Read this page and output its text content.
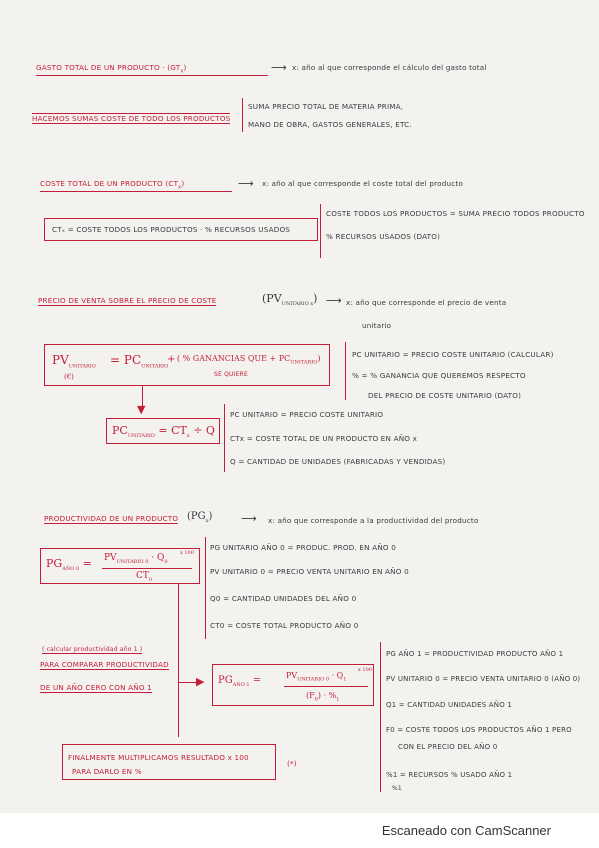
GASTO TOTAL DE UN PRODUCTO · $(GT_x)$	⟶ x: año al que corresponde el cálculo del gasto total
HACEMOS SUMAS COSTE DE TODO LOS PRODUCTOS
SUMA PRECIO TOTAL DE MATERIA PRIMA,
MANO DE OBRA, GASTOS GENERALES, ETC.
COSTE TOTAL DE UN PRODUCTO $(CT_x)$	⟶ x: año al que corresponde el coste total del producto
CTₓ = COSTE TODOS LOS PRODUCTOS · % RECURSOS USADOS
COSTE TODOS LOS PRODUCTOS = SUMA PRECIO TODOS PRODUCTO
% RECURSOS USADOS (DATO)
PRECIO DE VENTA SOBRE EL PRECIO DE COSTE	$(PV_{UNITARIO x})$ ⟶ x: año que corresponde el precio de venta
unitario
$PV_{UNITARIO}$
(€)
= $PC_{UNITARIO}$
+ ( % GANANCIAS QUE + $PC_{UNITARIO}$)
SE QUIERE
PC UNITARIO = PRECIO COSTE UNITARIO (CALCULAR)
% = % GANANCIA QUE QUEREMOS RESPECTO
DEL PRECIO DE COSTE UNITARIO (DATO)
▼
$PC_{UNITARIO} = CT_x \div Q$
PC UNITARIO = PRECIO COSTE UNITARIO
CTx = COSTE TOTAL DE UN PRODUCTO EN AÑO x
Q = CANTIDAD DE UNIDADES (FABRICADAS Y VENDIDAS)
PRODUCTIVIDAD DE UN PRODUCTO $(PG_x)$	⟶ x: año que corresponde a la productividad del producto
$PG_{AÑO 0} = PV_{UNITARIO 0} \cdot Q_0$
x 100
$CT_0$
PG UNITARIO AÑO 0 = PRODUC. PROD. EN AÑO 0
PV UNITARIO 0 = PRECIO VENTA UNITARIO EN AÑO 0
Q0 = CANTIDAD UNIDADES DEL AÑO 0
CT0 = COSTE TOTAL PRODUCTO AÑO 0
( calcular productividad año 1 )
PARA COMPARAR PRODUCTIVIDAD
DE UN AÑO CERO CON AÑO 1	▶ $PG_{AÑO 1}$ =	$PV_{UNITARIO 0} \cdot Q_1$
x 100
$(F_0) \cdot \%_1$
PG AÑO 1 = PRODUCTIVIDAD PRODUCTO AÑO 1
PV UNITARIO 0 = PRECIO VENTA UNITARIO 0 (AÑO 0)
Q1 = CANTIDAD UNIDADES AÑO 1
F0 = COSTE TODOS LOS PRODUCTOS AÑO 1 PERO
CON EL PRECIO DEL AÑO 0
%1 = RECURSOS % USADO AÑO 1
%1
FINALMENTE MULTIPLICAMOS RESULTADO x 100
PARA DARLO EN %
(*)
Escaneado con CamScanner
